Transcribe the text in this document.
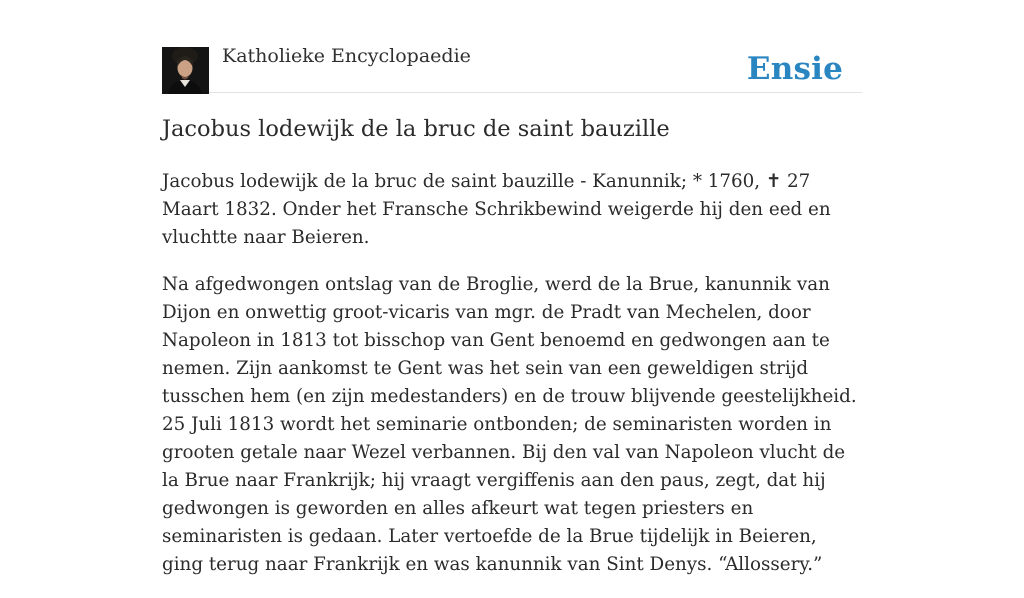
Katholieke Encyclopaedie	Ensie
Jacobus lodewijk de la bruc de saint bauzille

Jacobus lodewijk de la bruc de saint bauzille - Kanunnik; * 1760, ✝ 27 Maart 1832. Onder het Fransche Schrikbewind weigerde hij den eed en vluchtte naar Beieren.

Na afgedwongen ontslag van de Broglie, werd de la Brue, kanunnik van Dijon en onwettig groot-vicaris van mgr. de Pradt van Mechelen, door Napoleon in 1813 tot bisschop van Gent benoemd en gedwongen aan te nemen. Zijn aankomst te Gent was het sein van een geweldigen strijd tusschen hem (en zijn medestanders) en de trouw blijvende geestelijkheid. 25 Juli 1813 wordt het seminarie ontbonden; de seminaristen worden in grooten getale naar Wezel verbannen. Bij den val van Napoleon vlucht de la Brue naar Frankrijk; hij vraagt vergiffenis aan den paus, zegt, dat hij gedwongen is geworden en alles afkeurt wat tegen priesters en seminaristen is gedaan. Later vertoefde de la Brue tijdelijk in Beieren, ging terug naar Frankrijk en was kanunnik van Sint Denys. “Allossery.”
